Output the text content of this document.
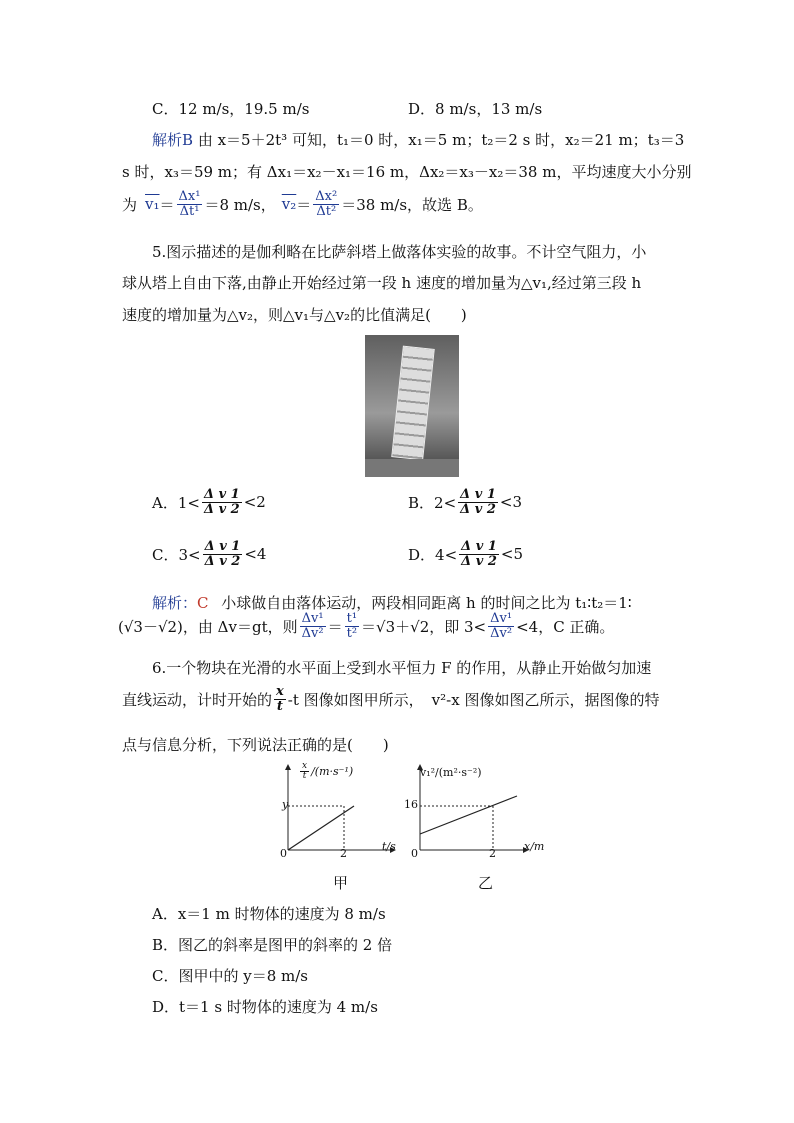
C．12 m/s，19.5 m/s	D．8 m/s，13 m/s
解析B 由 x＝5＋2t³ 可知，t₁＝0 时，x₁＝5 m；t₂＝2 s 时，x₂＝21 m；t₃＝3
s 时，x₃＝59 m；有 Δx₁＝x₂－x₁＝16 m，Δx₂＝x₃－x₂＝38 m，平均速度大小分别
为 $v_1 = \frac{\text{Δx¹}}{\text{Δt¹}} =8$ m/s， $v_2 = \frac{\text{Δx²}}{\text{Δt²}} =38$ m/s，故选 B。
5.图示描述的是伽利略在比萨斜塔上做落体实验的故事。不计空气阻力，小
球从塔上自由下落,由静止开始经过第一段 h 速度的增加量为△v₁,经过第三段 h
速度的增加量为△v₂，则△v₁与△v₂的比值满足(　　)
A．$1< \frac{\text{Δ v 1}}{\text{Δ v 2}} <2$	B．$2< \frac{\text{Δ v 1}}{\text{Δ v 2}} <3$
C．$3< \frac{\text{Δ v 1}}{\text{Δ v 2}} <4$	D．$4< \frac{\text{Δ v 1}}{\text{Δ v 2}} <5$
解析：C 小球做自由落体运动，两段相同距离 h 的时间之比为 t₁∶t₂＝1∶
(√3－√2)，由 Δv＝gt，则 $\frac{\text{Δv¹}}{\text{Δv²}} = \frac{\text{t¹}}{\text{t²}} =√3+√2$，即 $3< \frac{\text{Δv¹}}{\text{Δv²}} <4$，C 正确。
6.一个物块在光滑的水平面上受到水平恒力 F 的作用，从静止开始做匀加速
直线运动，计时开始的 $\frac{x}{t} -t$ 图像如图甲所示， v²-x 图像如图乙所示，据图像的特
点与信息分析，下列说法正确的是(　　)
$\frac{x}{t} /(m\cdot s^{-1})$
y
0	2
t/s
甲
v₁²/(m²·s⁻²)
16
0	2
x/m
乙
A．x＝1 m 时物体的速度为 8 m/s
B．图乙的斜率是图甲的斜率的 2 倍
C．图甲中的 y＝8 m/s
D．t＝1 s 时物体的速度为 4 m/s
